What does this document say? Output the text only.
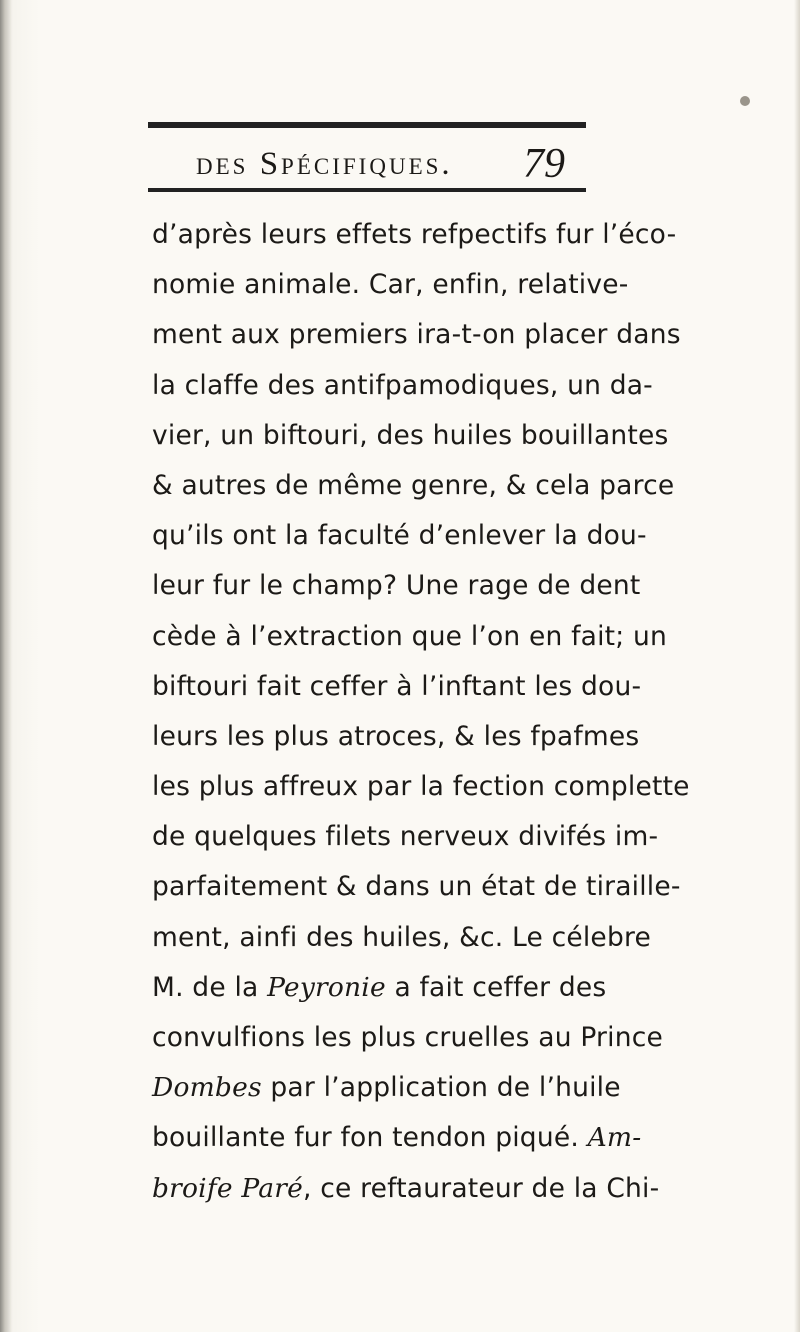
des Spécifiques. 79
d’après leurs effets refpectifs fur l’éco-
nomie animale. Car, enfin, relative-
ment aux premiers ira-t-on placer dans
la claffe des antifpamodiques, un da-
vier, un biftouri, des huiles bouillantes
& autres de même genre, & cela parce
qu’ils ont la faculté d’enlever la dou-
leur fur le champ? Une rage de dent
cède à l’extraction que l’on en fait; un
biftouri fait ceffer à l’inftant les dou-
leurs les plus atroces, & les fpafmes
les plus affreux par la fection complette
de quelques filets nerveux divifés im-
parfaitement & dans un état de tiraille-
ment, ainfi des huiles, &c. Le célebre
M. de la Peyronie a fait ceffer des
convulfions les plus cruelles au Prince
Dombes par l’application de l’huile
bouillante fur fon tendon piqué. Am-
broife Paré, ce reftaurateur de la Chi-
